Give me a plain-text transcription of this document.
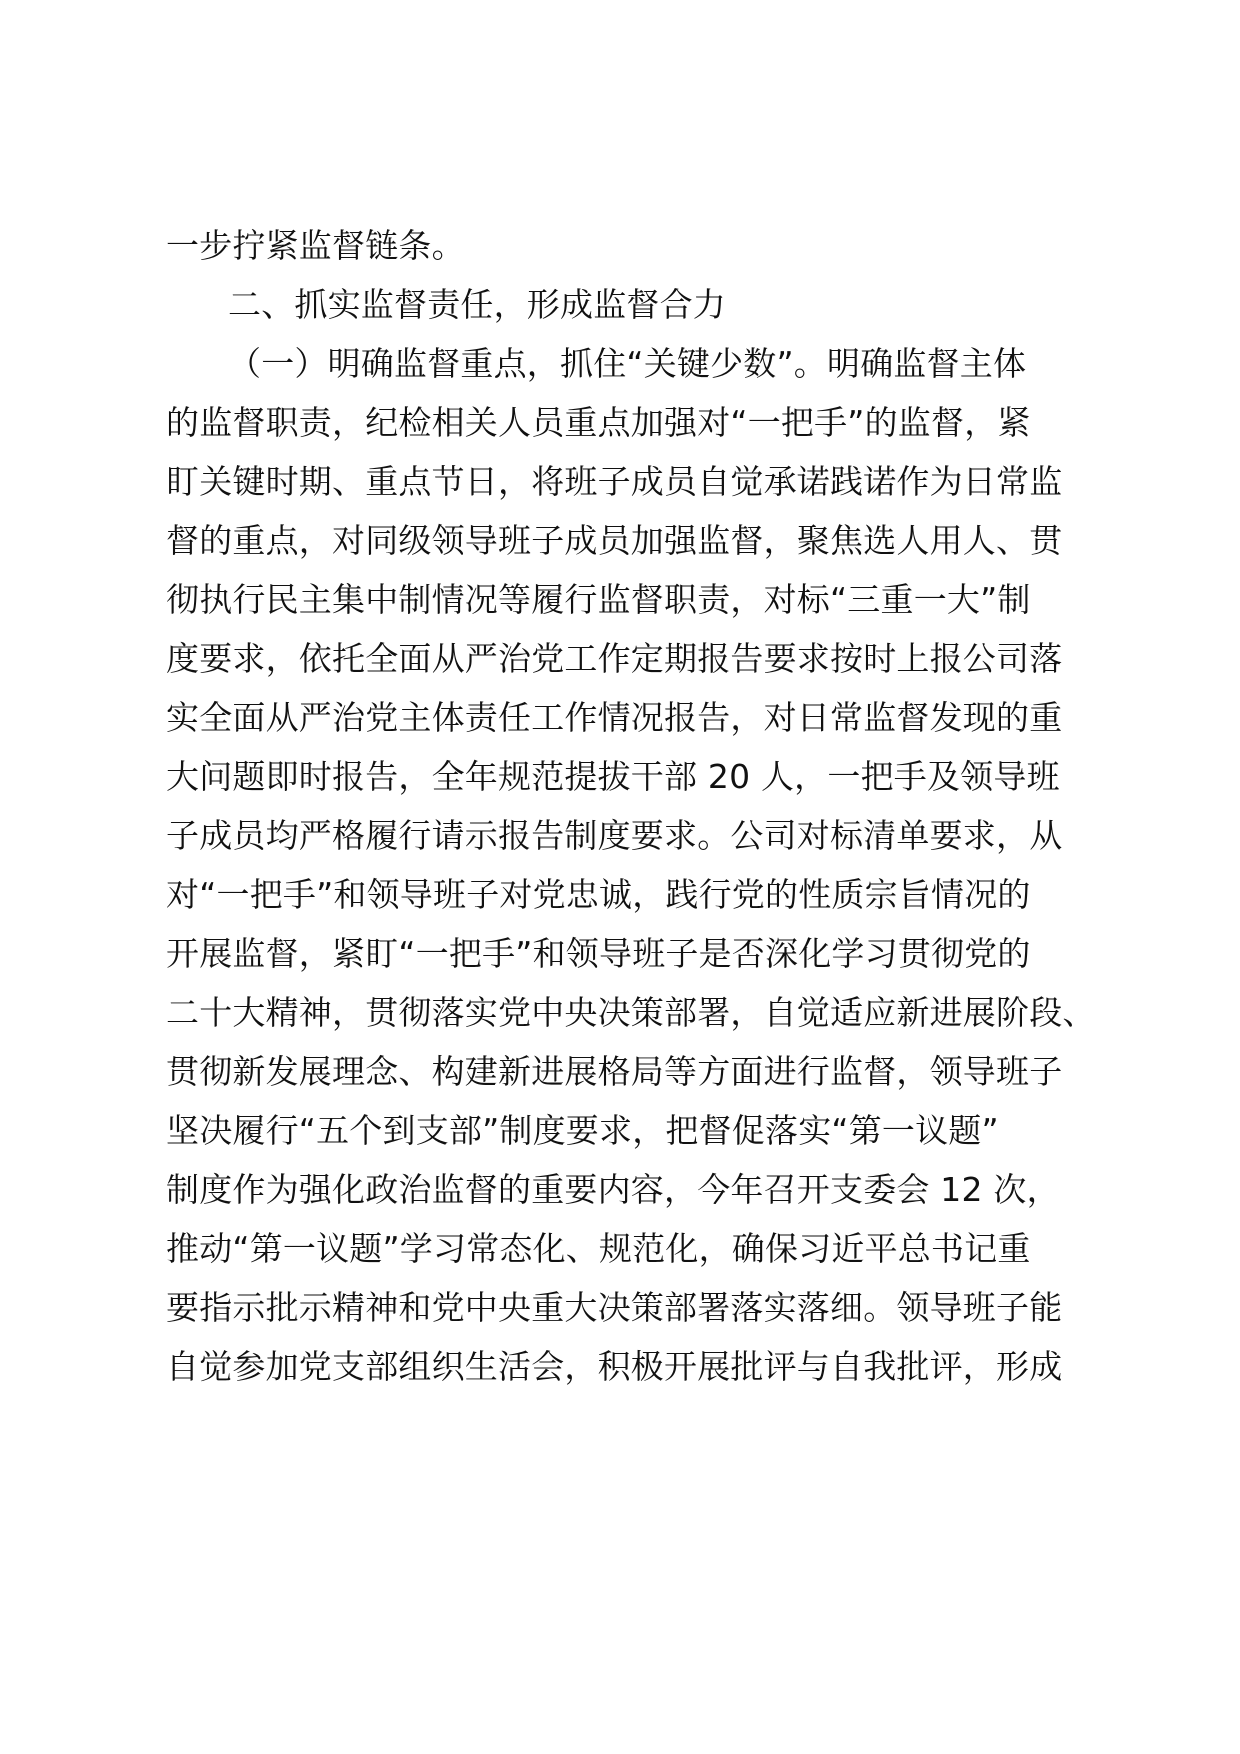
一步拧紧监督链条。
二、抓实监督责任，形成监督合力
（一）明确监督重点，抓住“关键少数”。明确监督主体
的监督职责，纪检相关人员重点加强对“一把手”的监督，紧
盯关键时期、重点节日，将班子成员自觉承诺践诺作为日常监
督的重点，对同级领导班子成员加强监督，聚焦选人用人、贯
彻执行民主集中制情况等履行监督职责，对标“三重一大”制
度要求，依托全面从严治党工作定期报告要求按时上报公司落
实全面从严治党主体责任工作情况报告，对日常监督发现的重
大问题即时报告，全年规范提拔干部 20 人，一把手及领导班
子成员均严格履行请示报告制度要求。公司对标清单要求，从
对“一把手”和领导班子对党忠诚，践行党的性质宗旨情况的
开展监督，紧盯“一把手”和领导班子是否深化学习贯彻党的
二十大精神，贯彻落实党中央决策部署，自觉适应新进展阶段、
贯彻新发展理念、构建新进展格局等方面进行监督，领导班子
坚决履行“五个到支部”制度要求，把督促落实“第一议题”
制度作为强化政治监督的重要内容，今年召开支委会 12 次，
推动“第一议题”学习常态化、规范化，确保习近平总书记重
要指示批示精神和党中央重大决策部署落实落细。领导班子能
自觉参加党支部组织生活会，积极开展批评与自我批评，形成
